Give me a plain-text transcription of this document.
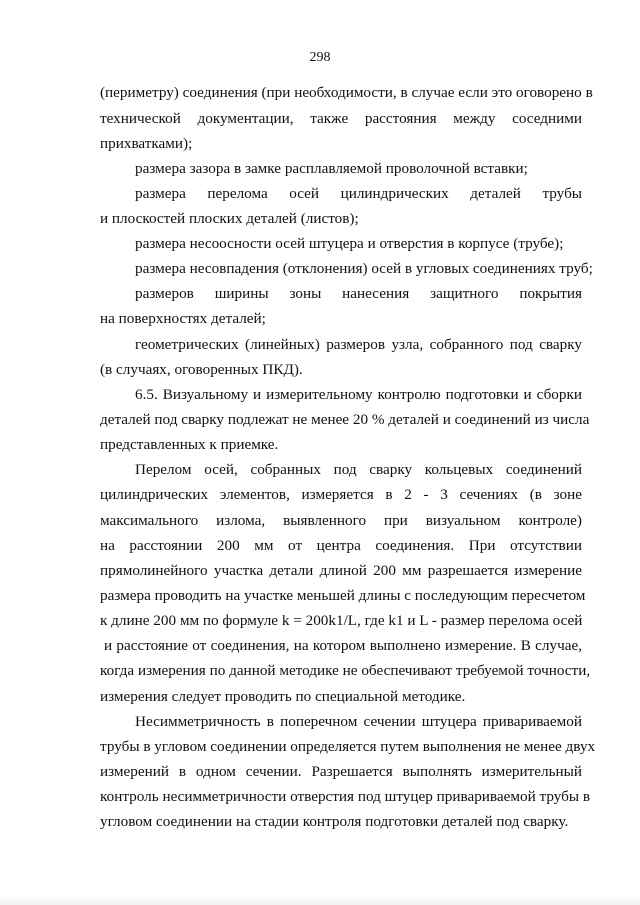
298
(периметру) соединения (при необходимости, в случае если это оговорено в
технической документации, также расстояния между соседними
прихватками);
размера зазора в замке расплавляемой проволочной вставки;
размера перелома осей цилиндрических деталей трубы
и плоскостей плоских деталей (листов);
размера несоосности осей штуцера и отверстия в корпусе (трубе);
размера несовпадения (отклонения) осей в угловых соединениях труб;
размеров ширины зоны нанесения защитного покрытия
на поверхностях деталей;
геометрических (линейных) размеров узла, собранного под сварку
(в случаях, оговоренных ПКД).
6.5. Визуальному и измерительному контролю подготовки и сборки
деталей под сварку подлежат не менее 20 % деталей и соединений из числа
представленных к приемке.
Перелом осей, собранных под сварку кольцевых соединений
цилиндрических элементов, измеряется в 2 - 3 сечениях (в зоне
максимального излома, выявленного при визуальном контроле)
на расстоянии 200 мм от центра соединения. При отсутствии
прямолинейного участка детали длиной 200 мм разрешается измерение
размера проводить на участке меньшей длины с последующим пересчетом
к длине 200 мм по формуле k = 200k1/L, где k1 и L - размер перелома осей
и расстояние от соединения, на котором выполнено измерение. В случае,
когда измерения по данной методике не обеспечивают требуемой точности,
измерения следует проводить по специальной методике.
Несимметричность в поперечном сечении штуцера привариваемой
трубы в угловом соединении определяется путем выполнения не менее двух
измерений в одном сечении. Разрешается выполнять измерительный
контроль несимметричности отверстия под штуцер привариваемой трубы в
угловом соединении на стадии контроля подготовки деталей под сварку.
